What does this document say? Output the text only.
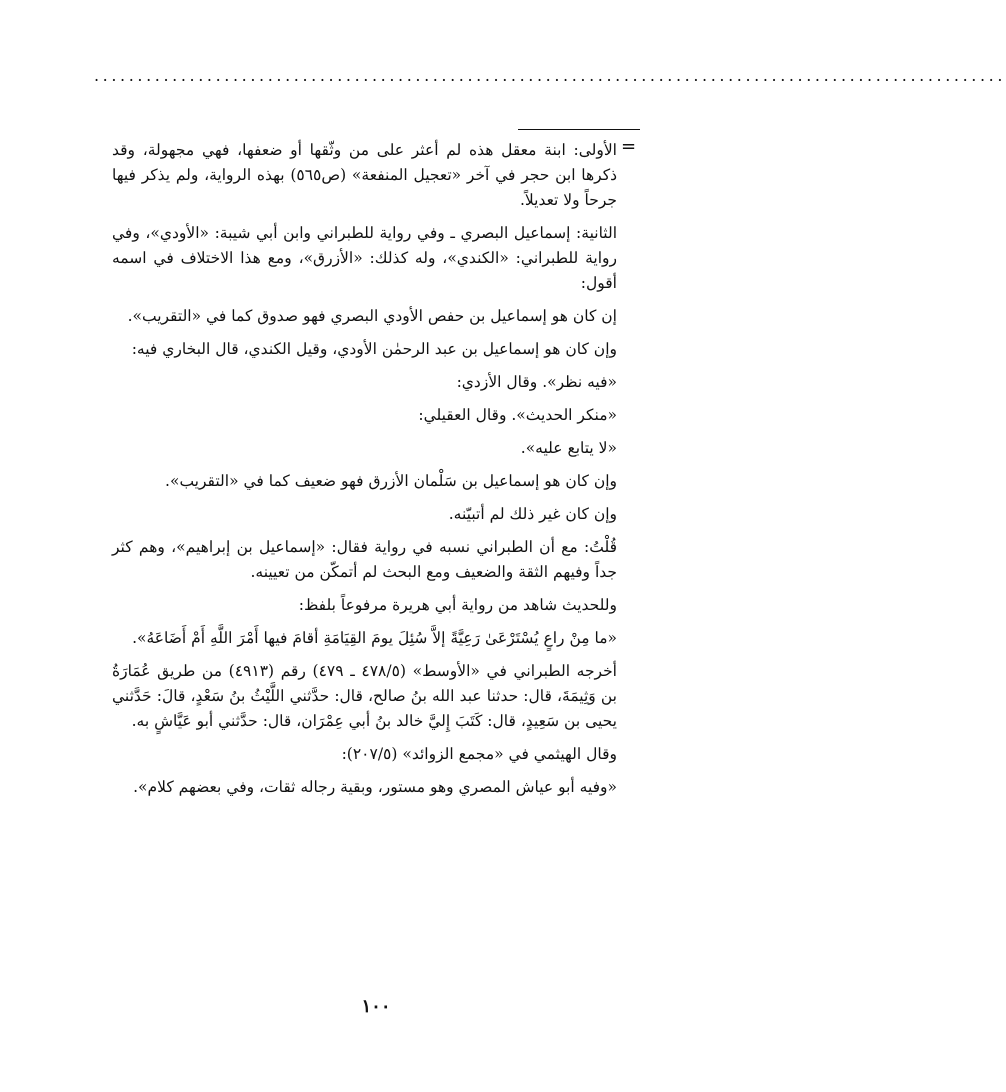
.........................................................................................................
=

الأولى: ابنة معقل هذه لم أعثر على من وثّقها أو ضعفها، فهي مجهولة، وقد ذكرها ابن حجر في آخر «تعجيل المنفعة» (ص٥٦٥) بهذه الرواية، ولم يذكر فيها جرحاً ولا تعديلاً.

الثانية: إسماعيل البصري ـ وفي رواية للطبراني وابن أبي شيبة: «الأودي»، وفي رواية للطبراني: «الكندي»، وله كذلك: «الأزرق»، ومع هذا الاختلاف في اسمه أقول:

إن كان هو إسماعيل بن حفص الأودي البصري فهو صدوق كما في «التقريب».

وإن كان هو إسماعيل بن عبد الرحمٰن الأودي، وقيل الكندي، قال البخاري فيه:

«فيه نظر». وقال الأزدي:

«منكر الحديث». وقال العقيلي:

«لا يتابع عليه».

وإن كان هو إسماعيل بن سَلْمان الأزرق فهو ضعيف كما في «التقريب».

وإن كان غير ذلك لم أتبيّنه.

قُلْتُ: مع أن الطبراني نسبه في رواية فقال: «إسماعيل بن إبراهيم»، وهم كثر جداً وفيهم الثقة والضعيف ومع البحث لم أتمكّن من تعيينه.

وللحديث شاهد من رواية أبي هريرة مرفوعاً بلفظ:

«ما مِنْ راعٍ يُسْتَرْعَىٰ رَعِيَّةً إلاَّ سُئِلَ يومَ القِيَامَةِ أقامَ فيها أَمْرَ اللَّهِ أَمْ أَضَاعَهُ».

أخرجه الطبراني في «الأوسط» (٤٧٨/٥ ـ ٤٧٩) رقم (٤٩١٣) من طريق عُمَارَةُ بن وَثِيمَةَ، قال: حدثنا عبد الله بنُ صالح، قال: حدَّثني اللَّيْثُ بنُ سَعْدٍ، قالَ: حَدَّثني يحيى بن سَعِيدٍ، قال: كَتَبَ إِليَّ خالد بنُ أبي عِمْرَان، قال: حدَّثني أبو عَيَّاشٍ به.

وقال الهيثمي في «مجمع الزوائد» (٢٠٧/٥):

«وفيه أبو عياش المصري وهو مستور، وبقية رجاله ثقات، وفي بعضهم كلام».

١٠٠
